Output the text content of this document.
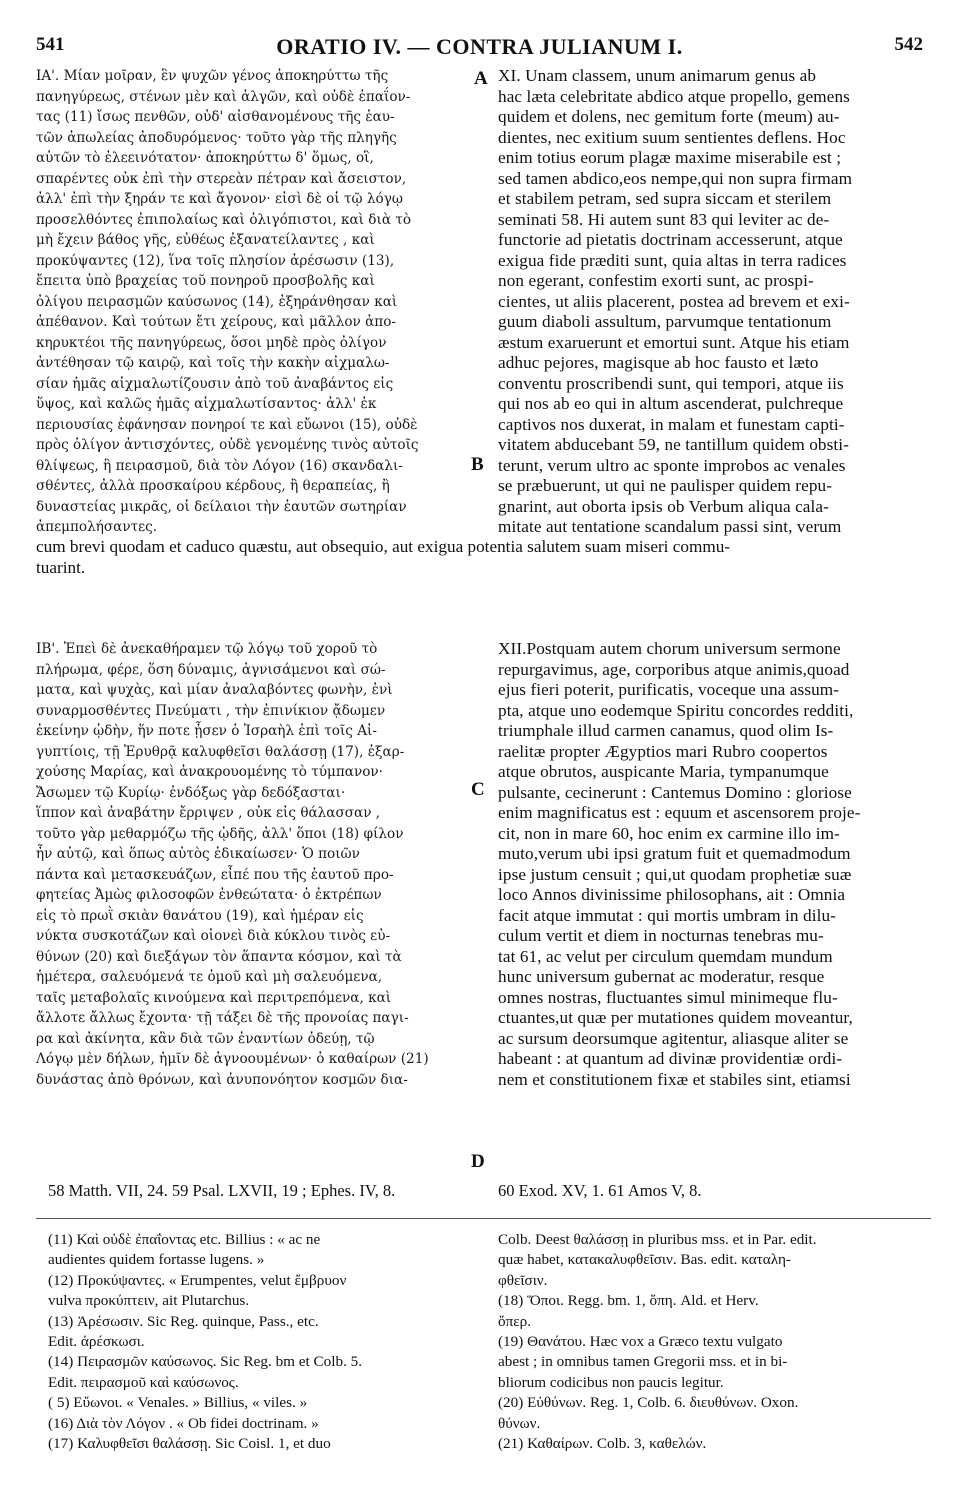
541	ORATIO IV. — CONTRA JULIANUM I.	542
ΙΑ'. Μίαν μοῖραν, ἓν ψυχῶν γένος ἀποκηρύττω τῆς
πανηγύρεως, στένων μὲν καὶ ἀλγῶν, καὶ οὐδὲ ἐπαΐον-
τας (11) ἴσως πενθῶν, οὐδ' αἰσθανομένους τῆς ἑαυ-
τῶν ἀπωλείας ἀποδυρόμενος· τοῦτο γὰρ τῆς πληγῆς
αὐτῶν τὸ ἐλεεινότατον· ἀποκηρύττω δ' ὅμως, οἳ,
σπαρέντες οὐκ ἐπὶ τὴν στερεὰν πέτραν καὶ ἄσειστον,
ἀλλ' ἐπὶ τὴν ξηράν τε καὶ ἄγονον· εἰσὶ δὲ οἱ τῷ λόγῳ
προσελθόντες ἐπιπολαίως καὶ ὀλιγόπιστοι, καὶ διὰ τὸ
μὴ ἔχειν βάθος γῆς, εὐθέως ἐξανατείλαντες , καὶ
προκύψαντες (12), ἵνα τοῖς πλησίον ἀρέσωσιν (13),
ἔπειτα ὑπὸ βραχείας τοῦ πονηροῦ προσβολῆς καὶ
ὀλίγου πειρασμῶν καύσωνος (14), ἐξηράνθησαν καὶ
ἀπέθανον. Καὶ τούτων ἔτι χείρους, καὶ μᾶλλον ἀπο-
κηρυκτέοι τῆς πανηγύρεως, ὅσοι μηδὲ πρὸς ὀλίγον
ἀντέθησαν τῷ καιρῷ, καὶ τοῖς τὴν κακὴν αἰχμαλω-
σίαν ἡμᾶς αἰχμαλωτίζουσιν ἀπὸ τοῦ ἀναβάντος εἰς
ὕψος, καὶ καλῶς ἡμᾶς αἰχμαλωτίσαντος· ἀλλ' ἐκ
περιουσίας ἐφάνησαν πονηροί τε καὶ εὔωνοι (15), οὐδὲ
πρὸς ὀλίγον ἀντισχόντες, οὐδὲ γενομένης τινὸς αὐτοῖς
θλίψεως, ἢ πειρασμοῦ, διὰ τὸν Λόγον (16) σκανδαλι-
σθέντες, ἀλλὰ προσκαίρου κέρδους, ἢ θεραπείας, ἢ
δυναστείας μικρᾶς, οἱ δείλαιοι τὴν ἑαυτῶν σωτηρίαν
ἀπεμπολήσαντες.
XI. Unam classem, unum animarum genus ab
hac læta celebritate abdico atque propello, gemens
quidem et dolens, nec gemitum forte (meum) au-
dientes, nec exitium suum sentientes deflens. Hoc
enim totius eorum plagæ maxime miserabile est ;
sed tamen abdico,eos nempe,qui non supra firmam
et stabilem petram, sed supra siccam et sterilem
seminati 58. Hi autem sunt 83 qui leviter ac de-
functorie ad pietatis doctrinam accesserunt, atque
exigua fide præditi sunt, quia altas in terra radices
non egerant, confestim exorti sunt, ac prospi-
cientes, ut aliis placerent, postea ad brevem et exi-
guum diaboli assultum, parvumque tentationum
æstum exaruerunt et emortui sunt. Atque his etiam
adhuc pejores, magisque ab hoc fausto et læto
conventu proscribendi sunt, qui tempori, atque iis
qui nos ab eo qui in altum ascenderat, pulchreque
captivos nos duxerat, in malam et funestam capti-
vitatem abducebant 59, ne tantillum quidem obsti-
terunt, verum ultro ac sponte improbos ac venales
se præbuerunt, ut qui ne paulisper quidem repu-
gnarint, aut oborta ipsis ob Verbum aliqua cala-
mitate aut tentatione scandalum passi sint, verum
cum brevi quodam et caduco quæstu, aut obsequio, aut exigua potentia salutem suam miseri commu-
tuarint.
ΙΒ'. Ἐπεὶ δὲ ἀνεκαθήραμεν τῷ λόγῳ τοῦ χοροῦ τὸ
πλήρωμα, φέρε, ὅση δύναμις, ἁγνισάμενοι καὶ σώ-
ματα, καὶ ψυχὰς, καὶ μίαν ἀναλαβόντες φωνὴν, ἑνὶ
συναρμοσθέντες Πνεύματι , τὴν ἐπινίκιον ᾄδωμεν
ἐκείνην ᾠδὴν, ἥν ποτε ᾖσεν ὁ Ἰσραὴλ ἐπὶ τοῖς Αἰ-
γυπτίοις, τῇ Ἐρυθρᾷ καλυφθεῖσι θαλάσσῃ (17), ἐξαρ-
χούσης Μαρίας, καὶ ἀνακρουομένης τὸ τύμπανον·
Ἄσωμεν τῷ Κυρίῳ· ἐνδόξως γὰρ δεδόξασται·
ἵππον καὶ ἀναβάτην ἔρριψεν , οὐκ εἰς θάλασσαν ,
τοῦτο γὰρ μεθαρμόζω τῆς ᾠδῆς, ἀλλ' ὅποι (18) φίλον
ἦν αὐτῷ, καὶ ὅπως αὐτὸς ἐδικαίωσεν· Ὁ ποιῶν
πάντα καὶ μετασκευάζων, εἶπέ που τῆς ἑαυτοῦ προ-
φητείας Ἀμὼς φιλοσοφῶν ἐνθεώτατα· ὁ ἐκτρέπων
εἰς τὸ πρωῒ σκιὰν θανάτου (19), καὶ ἡμέραν εἰς
νύκτα συσκοτάζων καὶ οἱονεὶ διὰ κύκλου τινὸς εὐ-
θύνων (20) καὶ διεξάγων τὸν ἅπαντα κόσμον, καὶ τὰ
ἡμέτερα, σαλευόμενά τε ὁμοῦ καὶ μὴ σαλευόμενα,
ταῖς μεταβολαῖς κινούμενα καὶ περιτρεπόμενα, καὶ
ἄλλοτε ἄλλως ἔχοντα· τῇ τάξει δὲ τῆς προνοίας παγι-
ρα καὶ ἀκίνητα, κἂν διὰ τῶν ἐναντίων ὁδεύῃ, τῷ
Λόγῳ μὲν δήλων, ἡμῖν δὲ ἀγνοουμένων· ὁ καθαίρων (21)
δυνάστας ἀπὸ θρόνων, καὶ ἀνυπονόητον κοσμῶν δια-
XII.Postquam autem chorum universum sermone
repurgavimus, age, corporibus atque animis,quoad
ejus fieri poterit, purificatis, voceque una assum-
pta, atque uno eodemque Spiritu concordes redditi,
triumphale illud carmen canamus, quod olim Is-
raelitæ propter Ægyptios mari Rubro coopertos
atque obrutos, auspicante Maria, tympanumque
pulsante, cecinerunt : Cantemus Domino : gloriose
enim magnificatus est : equum et ascensorem proje-
cit, non in mare 60, hoc enim ex carmine illo im-
muto,verum ubi ipsi gratum fuit et quemadmodum
ipse justum censuit ; qui,ut quodam prophetiæ suæ
loco Annos divinissime philosophans, ait : Omnia
facit atque immutat : qui mortis umbram in dilu-
culum vertit et diem in nocturnas tenebras mu-
tat 61, ac velut per circulum quemdam mundum
hunc universum gubernat ac moderatur, resque
omnes nostras, fluctuantes simul minimeque flu-
ctuantes,ut quæ per mutationes quidem moveantur,
ac sursum deorsumque agitentur, aliasque aliter se
habeant : at quantum ad divinæ providentiæ ordi-
nem et constitutionem fixæ et stabiles sint, etiamsi
A
B
C
D
58 Matth. VII, 24. 59 Psal. LXVII, 19 ; Ephes. IV, 8.	60 Exod. XV, 1. 61 Amos V, 8.
(11) Καὶ οὐδὲ ἐπαΐοντας etc. Billius : « ac ne
audientes quidem fortasse lugens. »
(12) Προκύψαντες. « Erumpentes, velut ἔμβρυον
vulva προκύπτειν, ait Plutarchus.
(13) Ἀρέσωσιν. Sic Reg. quinque, Pass., etc.
Edit. ἀρέσκωσι.
(14) Πειρασμῶν καύσωνος. Sic Reg. bm et Colb. 5.
Edit. πειρασμοῦ καὶ καύσωνος.
( 5) Εὔωνοι. « Venales. » Billius, « viles. »
(16) Διὰ τὸν Λόγον . « Ob fidei doctrinam. »
(17) Καλυφθεῖσι θαλάσσῃ. Sic Coisl. 1, et duo
Colb. Deest θαλάσσῃ in pluribus mss. et in Par. edit.
quæ habet, κατακαλυφθεῖσιν. Bas. edit. καταλη-
φθεῖσιν.
(18) Ὅποι. Regg. bm. 1, ὅπη. Ald. et Herv.
ὅπερ.
(19) Θανάτου. Hæc vox a Græco textu vulgato
abest ; in omnibus tamen Gregorii mss. et in bi-
bliorum codicibus non paucis legitur.
(20) Εὐθύνων. Reg. 1, Colb. 6. διευθύνων. Oxon.
θύνων.
(21) Καθαίρων. Colb. 3, καθελών.
